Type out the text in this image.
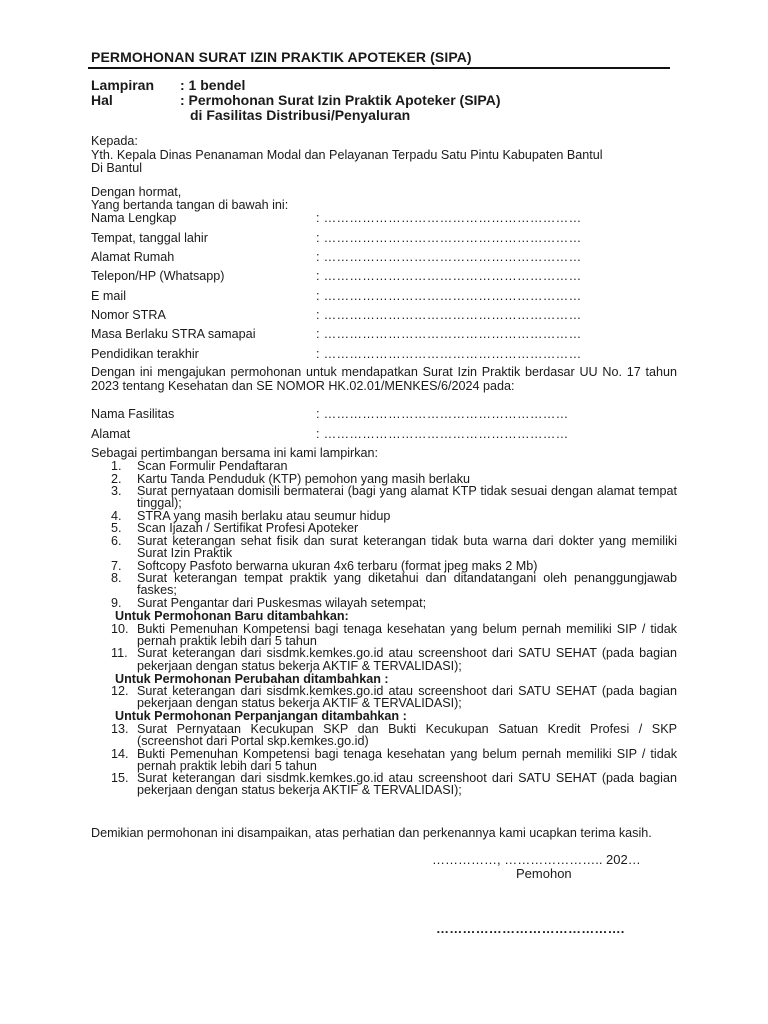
PERMOHONAN SURAT IZIN PRAKTIK APOTEKER (SIPA)
Lampiran : 1 bendel
Hal	: Permohonan Surat Izin Praktik Apoteker (SIPA)
di Fasilitas Distribusi/Penyaluran
Kepada:
Yth. Kepala Dinas Penanaman Modal dan Pelayanan Terpadu Satu Pintu Kabupaten Bantul
Di Bantul
Dengan hormat,
Yang bertanda tangan di bawah ini:
Nama Lengkap	: ……………………………………………………
Tempat, tanggal lahir	: ……………………………………………………
Alamat Rumah	: ……………………………………………………
Telepon/HP (Whatsapp)	: ……………………………………………………
E mail	: ……………………………………………………
Nomor STRA	: ……………………………………………………
Masa Berlaku STRA samapai	: ……………………………………………………
Pendidikan terakhir	: ……………………………………………………
Dengan ini mengajukan permohonan untuk mendapatkan Surat Izin Praktik berdasar UU No. 17 tahun 2023 tentang Kesehatan dan SE NOMOR HK.02.01/MENKES/6/2024 pada:
Nama Fasilitas	: …………………………………………………
Alamat	: …………………………………………………
Sebagai pertimbangan bersama ini kami lampirkan:
1.	Scan Formulir Pendaftaran
2.	Kartu Tanda Penduduk (KTP) pemohon yang masih berlaku
3.	Surat pernyataan domisili bermaterai (bagi yang alamat KTP tidak sesuai dengan alamat tempat tinggal);
4.	STRA yang masih berlaku atau seumur hidup
5.	Scan Ijazah / Sertifikat Profesi Apoteker
6.	Surat keterangan sehat fisik dan surat keterangan tidak buta warna dari dokter yang memiliki Surat Izin Praktik
7.	Softcopy Pasfoto berwarna ukuran 4x6 terbaru (format jpeg maks 2 Mb)
8.	Surat keterangan tempat praktik yang diketahui dan ditandatangani oleh penanggungjawab faskes;
9.	Surat Pengantar dari Puskesmas wilayah setempat;
Untuk Permohonan Baru ditambahkan:
10. Bukti Pemenuhan Kompetensi bagi tenaga kesehatan yang belum pernah memiliki SIP / tidak pernah praktik lebih dari 5 tahun
11. Surat keterangan dari sisdmk.kemkes.go.id atau screenshoot dari SATU SEHAT (pada bagian pekerjaan dengan status bekerja AKTIF & TERVALIDASI);
Untuk Permohonan Perubahan ditambahkan :
12. Surat keterangan dari sisdmk.kemkes.go.id atau screenshoot dari SATU SEHAT (pada bagian pekerjaan dengan status bekerja AKTIF & TERVALIDASI);
Untuk Permohonan Perpanjangan ditambahkan :
13. Surat Pernyataan Kecukupan SKP dan Bukti Kecukupan Satuan Kredit Profesi / SKP (screenshot dari Portal skp.kemkes.go.id)
14. Bukti Pemenuhan Kompetensi bagi tenaga kesehatan yang belum pernah memiliki SIP / tidak pernah praktik lebih dari 5 tahun
15. Surat keterangan dari sisdmk.kemkes.go.id atau screenshoot dari SATU SEHAT (pada bagian pekerjaan dengan status bekerja AKTIF & TERVALIDASI);
Demikian permohonan ini disampaikan, atas perhatian dan perkenannya kami ucapkan terima kasih.
……………, ………………….. 202…
Pemohon
…………………………………….
